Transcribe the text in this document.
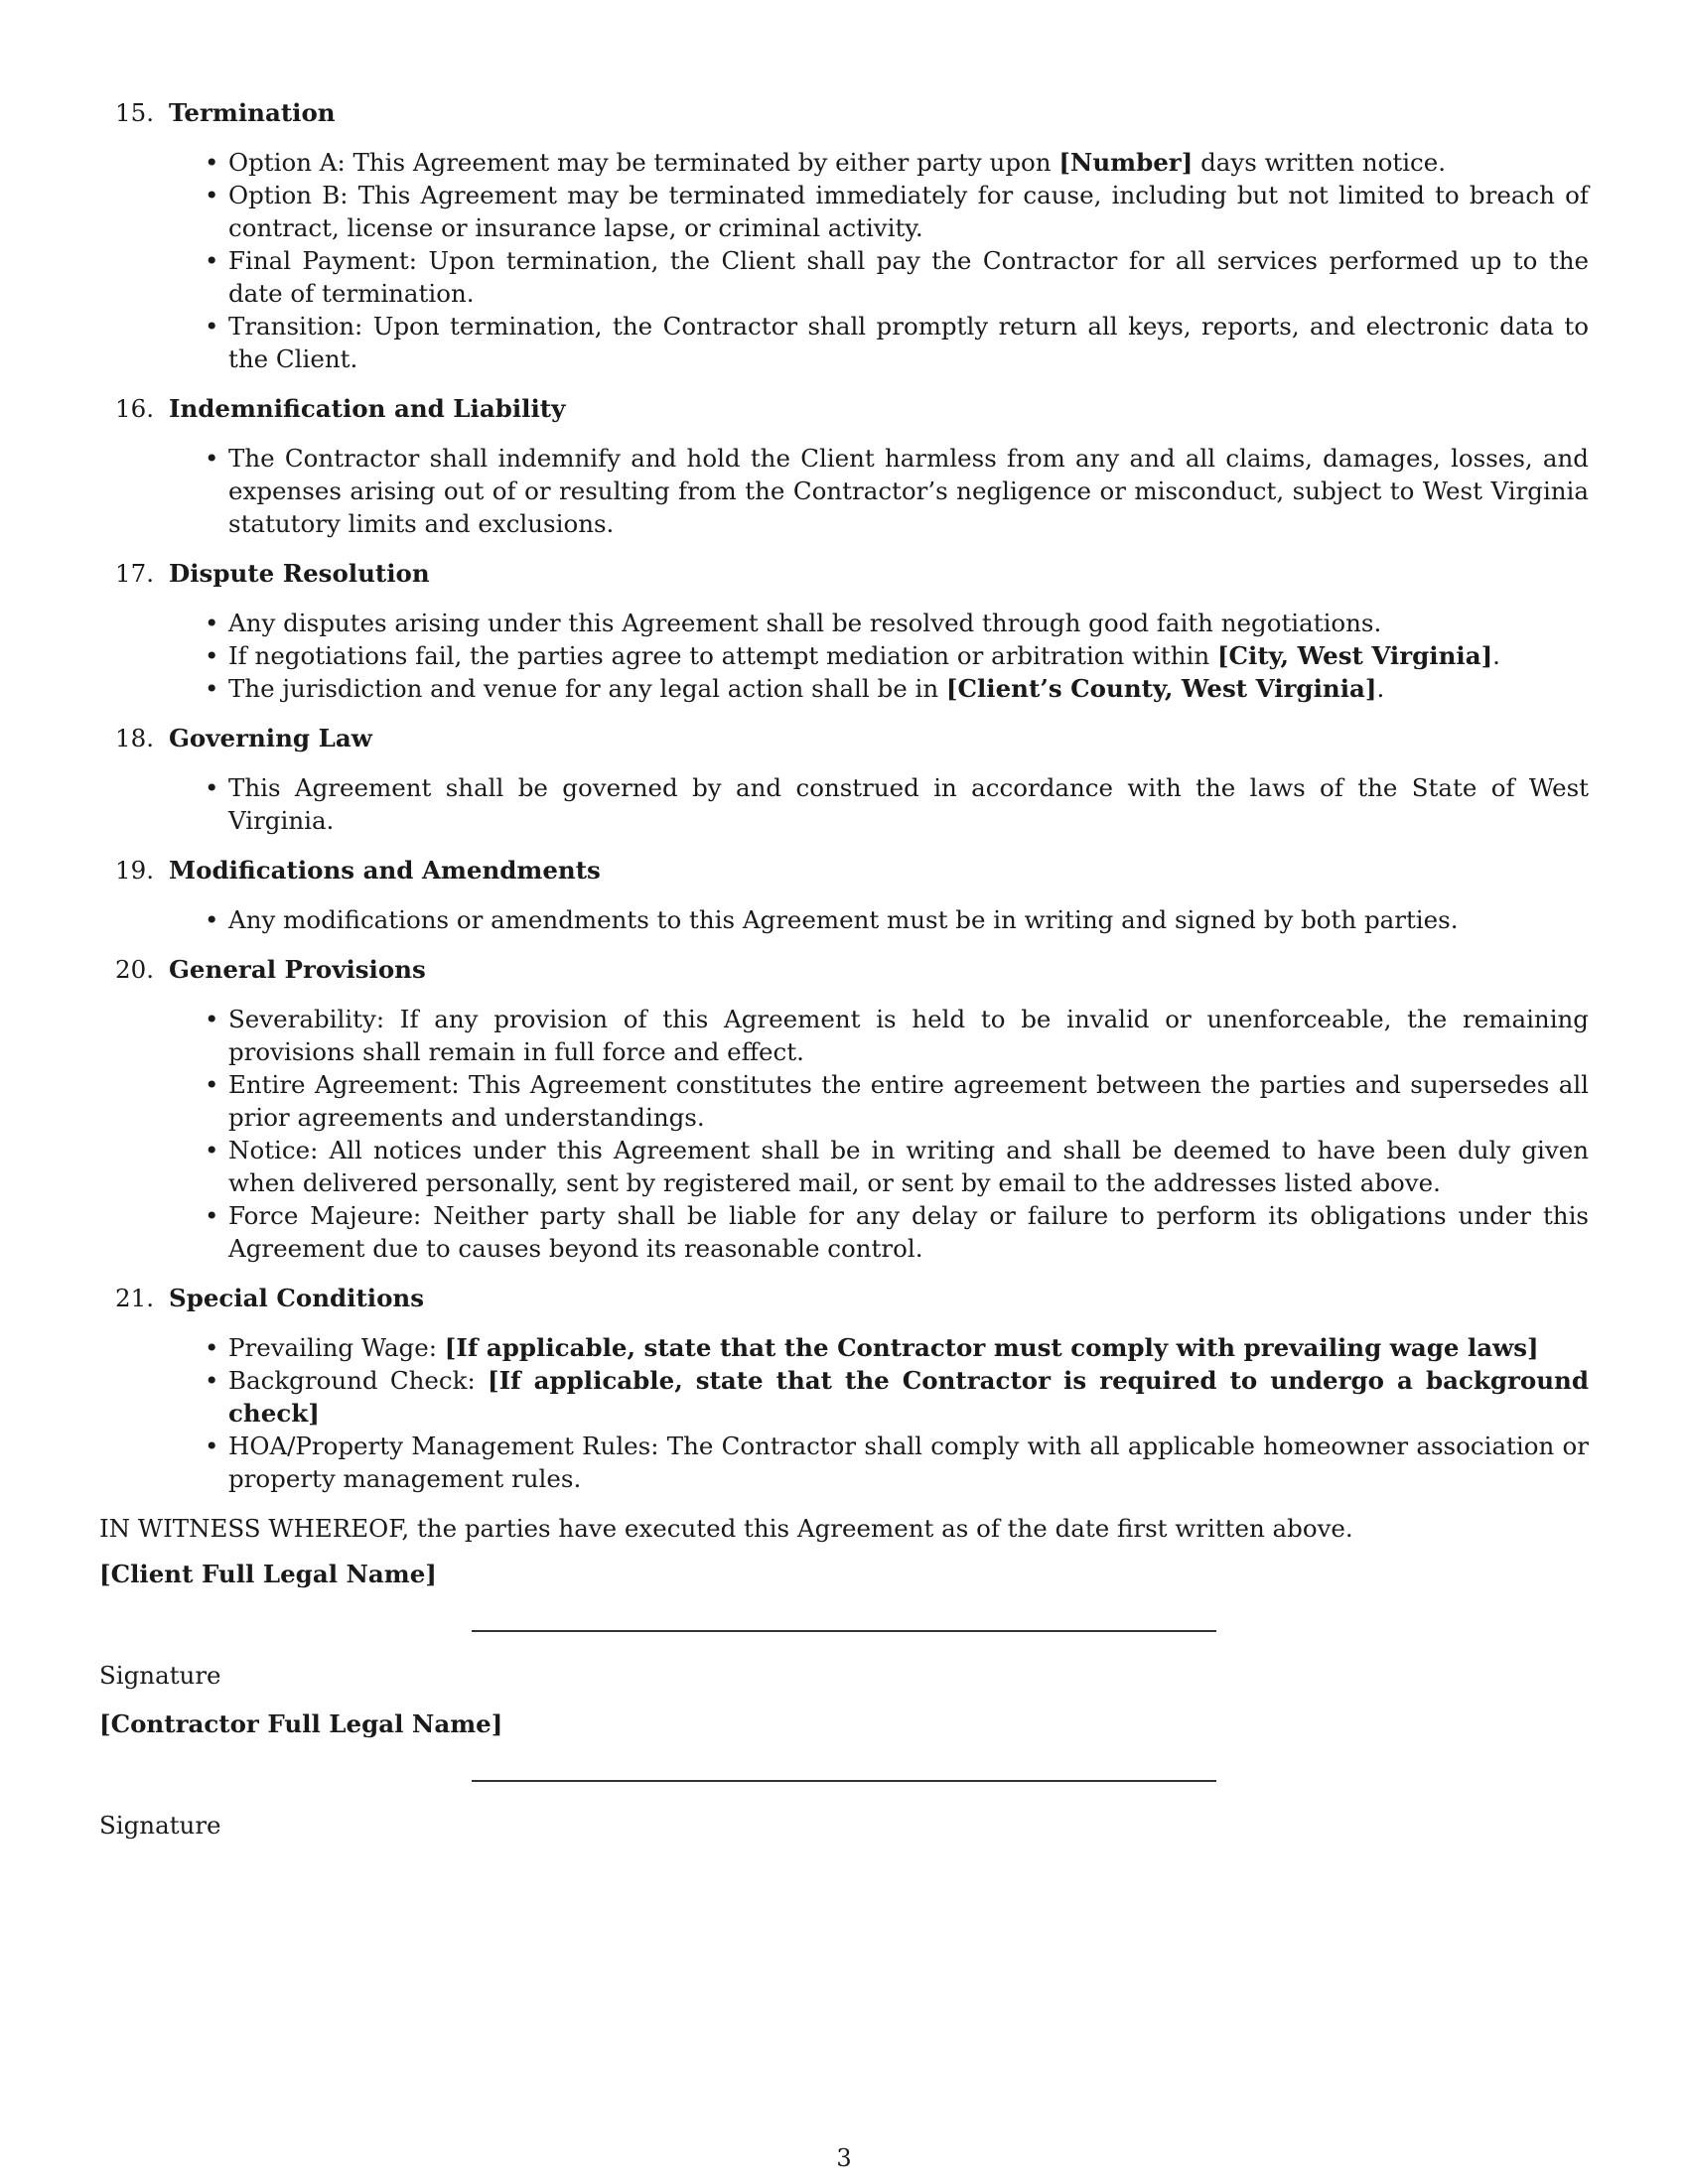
15. Termination
• Option A: This Agreement may be terminated by either party upon [Number] days written notice.
• Option B: This Agreement may be terminated immediately for cause, including but not limited to breach of contract, license or insurance lapse, or criminal activity.
• Final Payment: Upon termination, the Client shall pay the Contractor for all services performed up to the date of termination.
• Transition: Upon termination, the Contractor shall promptly return all keys, reports, and electronic data to the Client.
16. Indemnification and Liability
• The Contractor shall indemnify and hold the Client harmless from any and all claims, damages, losses, and expenses arising out of or resulting from the Contractor’s negligence or misconduct, subject to West Virginia statutory limits and exclusions.
17. Dispute Resolution
• Any disputes arising under this Agreement shall be resolved through good faith negotiations.
• If negotiations fail, the parties agree to attempt mediation or arbitration within [City, West Virginia].
• The jurisdiction and venue for any legal action shall be in [Client’s County, West Virginia].
18. Governing Law
• This Agreement shall be governed by and construed in accordance with the laws of the State of West Virginia.
19. Modifications and Amendments
• Any modifications or amendments to this Agreement must be in writing and signed by both parties.
20. General Provisions
• Severability: If any provision of this Agreement is held to be invalid or unenforceable, the remaining provisions shall remain in full force and effect.
• Entire Agreement: This Agreement constitutes the entire agreement between the parties and supersedes all prior agreements and understandings.
• Notice: All notices under this Agreement shall be in writing and shall be deemed to have been duly given when delivered personally, sent by registered mail, or sent by email to the addresses listed above.
• Force Majeure: Neither party shall be liable for any delay or failure to perform its obligations under this Agreement due to causes beyond its reasonable control.
21. Special Conditions
• Prevailing Wage: [If applicable, state that the Contractor must comply with prevailing wage laws]
• Background Check: [If applicable, state that the Contractor is required to undergo a background check]
• HOA/Property Management Rules: The Contractor shall comply with all applicable homeowner association or property management rules.

IN WITNESS WHEREOF, the parties have executed this Agreement as of the date first written above.

[Client Full Legal Name]

Signature

[Contractor Full Legal Name]

Signature

3
